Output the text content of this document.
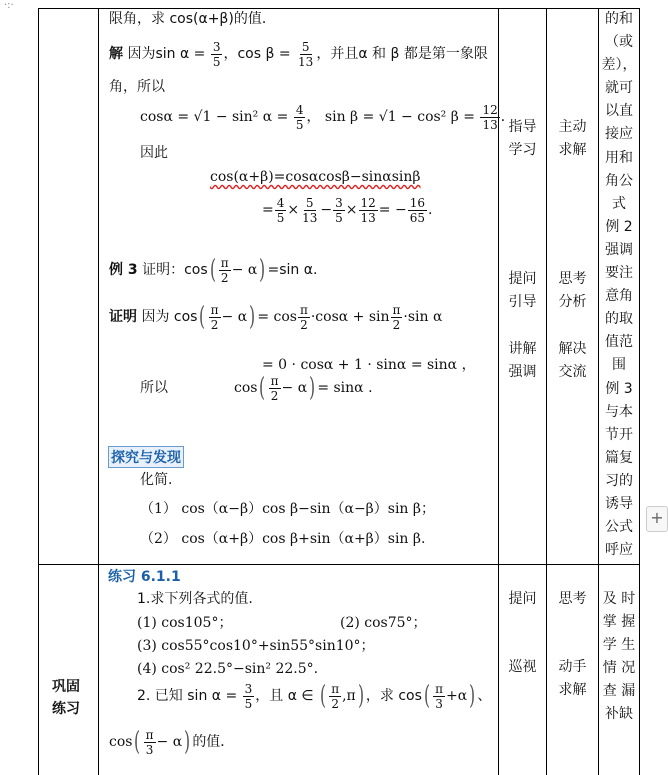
·:·
限角，求 cos(α+β)的值．
解 因为$\sin \alpha = \frac{3}{5}$ ，$\cos \beta = \frac{5}{13}$ ，并且α 和 β 都是第一象限
角，所以
cosα = √1 − sin² $\alpha = \frac{4}{5}$ ， sin β = √1 − cos² $\beta = \frac{12}{13}$ ．
因此
cos(α+β)=cosαcosβ−sinαsinβ
= $\frac{4}{5} \times \frac{5}{13} - \frac{3}{5} \times \frac{12}{13}$ = − $\frac{16}{65}$ .
例 3 证明：$\cos( \frac{\pi}{2} - \alpha) =\sin$ α.
证明 因为 $\cos( \frac{\pi}{2} - \alpha) = \cos \frac{\pi}{2} \cdot\cos\alpha + \sin \frac{\pi}{2} \cdot\sin$ α
= 0 · cosα + 1 · sinα = sinα ，
所以	$\cos( \frac{\pi}{2} - \alpha) = \sin\alpha$ .
探究与发现
化简.
（1） cos（α−β）cos β−sin（α−β）sin β；
（2） cos（α+β）cos β+sin（α+β）sin β.
巩固练习
练习 6.1.1
1.求下列各式的值.
(1) cos105°；	(2) cos75°；
(3) cos55°cos10°+sin55°sin10°；
(4) cos² 22.5°−sin² 22.5°.
2. 已知 $\sin \alpha = \frac{3}{5}$ ，且 α ∈ ( $\frac{\pi}{2} ,\pi$) ，求 $\cos( \frac{\pi}{3} +\alpha)$ 、
$\cos( \frac{\pi}{3} - \alpha)$ 的值．
指导
学习
提问
引导
讲解
强调
提问
巡视
主动
求解
思考
分析
解决
交流
思考
动手
求解
的和
（或
差），
就可
以直
接应
用和
角公
式
例 2
强调
要注
意角
的取
值范
围
例 3
与本
节开
篇复
习的
诱导
公式
呼应
及 时
掌 握
学 生
情 况
查 漏
补缺
+
